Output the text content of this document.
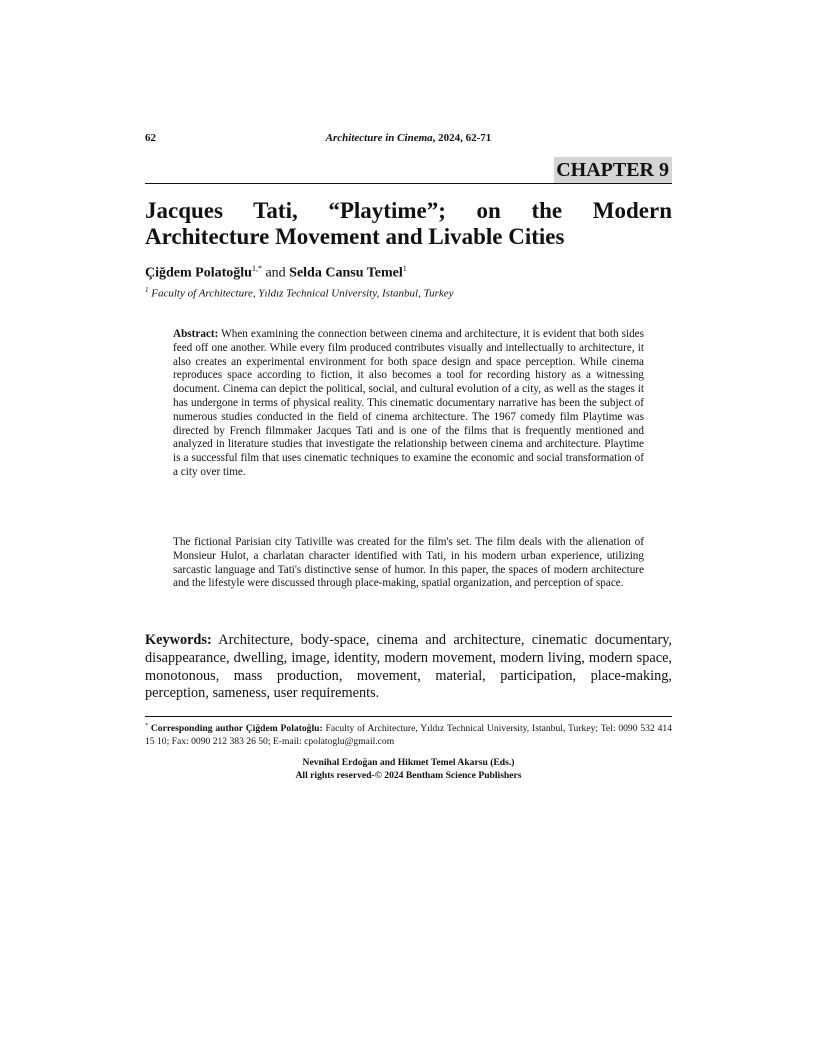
62	Architecture in Cinema, 2024, 62-71
CHAPTER 9
Jacques Tati, “Playtime”; on the Modern
Architecture Movement and Livable Cities
Çiğdem Polatoğlu$^{1,*}$ and Selda Cansu Temel$^1$
$^1$ Faculty of Architecture, Yıldız Technical University, Istanbul, Turkey

Abstract: When examining the connection between cinema and architecture, it is evident that both sides feed off one another. While every film produced contributes visually and intellectually to architecture, it also creates an experimental environment for both space design and space perception. While cinema reproduces space according to fiction, it also becomes a tool for recording history as a witnessing document. Cinema can depict the political, social, and cultural evolution of a city, as well as the stages it has undergone in terms of physical reality. This cinematic documentary narrative has been the subject of numerous studies conducted in the field of cinema architecture. The 1967 comedy film Playtime was directed by French filmmaker Jacques Tati and is one of the films that is frequently mentioned and analyzed in literature studies that investigate the relationship between cinema and architecture. Playtime is a successful film that uses cinematic techniques to examine the economic and social transformation of a city over time.

The fictional Parisian city Tativille was created for the film's set. The film deals with the alienation of Monsieur Hulot, a charlatan character identified with Tati, in his modern urban experience, utilizing sarcastic language and Tati's distinctive sense of humor. In this paper, the spaces of modern architecture and the lifestyle were discussed through place-making, spatial organization, and perception of space.

Keywords: Architecture, body-space, cinema and architecture, cinematic documentary, disappearance, dwelling, image, identity, modern movement, modern living, modern space, monotonous, mass production, movement, material, participation, place-making, perception, sameness, user requirements.

* Corresponding author Çiğdem Polatoğlu: Faculty of Architecture, Yıldız Technical University, Istanbul, Turkey; Tel: 0090 532 414 15 10; Fax: 0090 212 383 26 50; E-mail: cpolatoglu@gmail.com

Nevnihal Erdoğan and Hikmet Temel Akarsu (Eds.)
All rights reserved-© 2024 Bentham Science Publishers
